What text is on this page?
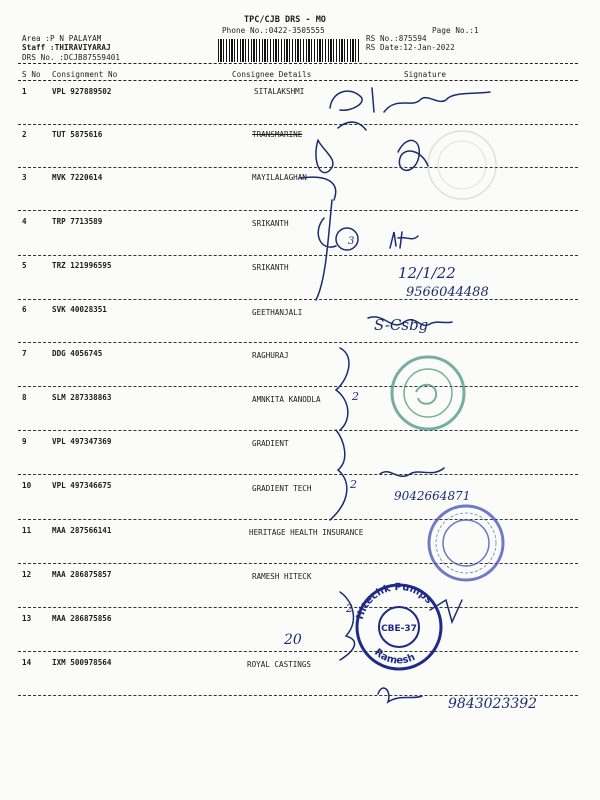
TPC/CJB DRS - MO
Phone No.:0422-3505555	Page No.:1
Area :P N PALAYAM
Staff :THIRAVIYARAJ
DRS No. :DCJB87559401
RS No.:875594
RS Date:12-Jan-2022
S No Consignment No	Consignee Details	Signature
1	VPL 927889502	SITALAKSHMI
2	TUT 5875616	TRANSMARINE
3	MVK 7220614	MAYILALAGHAN
4	TRP 7713589	SRIKANTH
5	TRZ 121996595	SRIKANTH
6	SVK 40028351	GEETHANJALI
7	DDG 4056745	RAGHURAJ
8	SLM 287338863	AMNKITA KANODLA
9	VPL 497347369	GRADIENT
10	VPL 497346675	GRADIENT TECH
11	MAA 287566141	HERITAGE HEALTH INSURANCE
12	MAA 286875857	RAMESH HITECK
13	MAA 286875856
14	IXM 500978564	ROYAL CASTINGS
3
12/1/22
9566044488
S-Csbg
2
2
9042664871
2
20
9843023392
Hitechk Pumps
Ramesh
CBE-37
